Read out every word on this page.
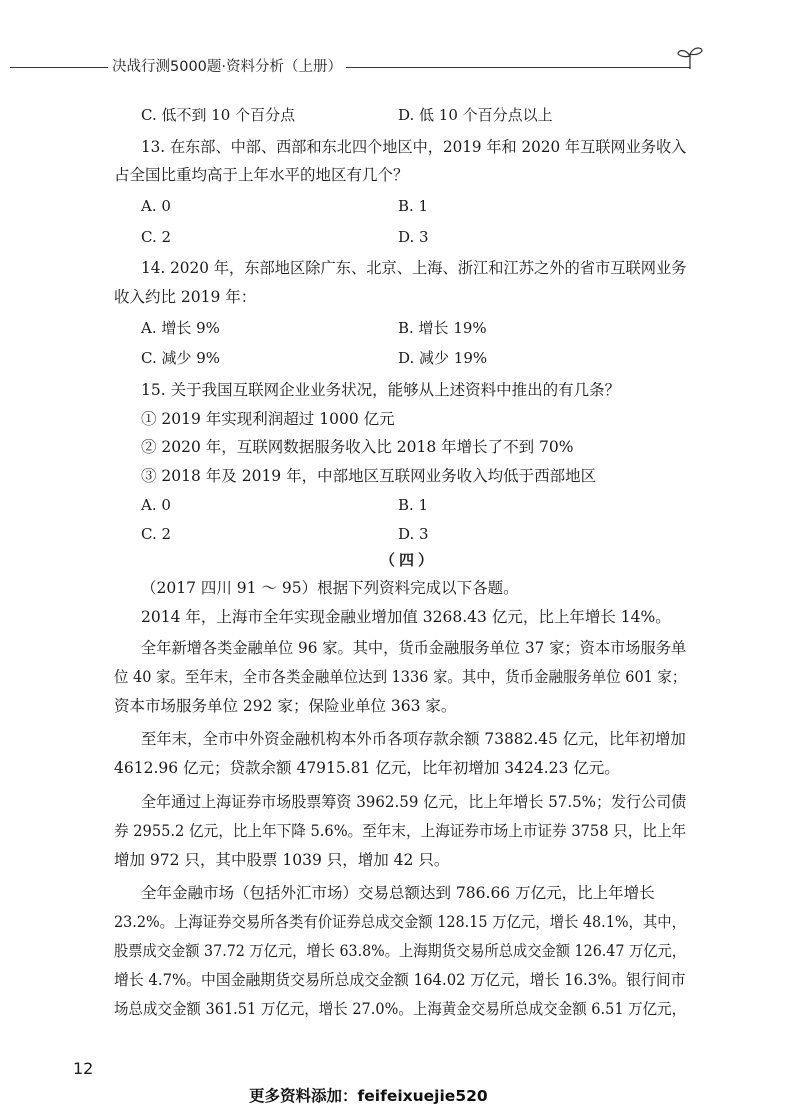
决战行测5000题·资料分析（上册）
C. 低不到 10 个百分点	D. 低 10 个百分点以上
13. 在东部、中部、西部和东北四个地区中，2019 年和 2020 年互联网业务收入
占全国比重均高于上年水平的地区有几个？
A. 0	B. 1
C. 2	D. 3
14. 2020 年，东部地区除广东、北京、上海、浙江和江苏之外的省市互联网业务
收入约比 2019 年：
A. 增长 9%	B. 增长 19%
C. 减少 9%	D. 减少 19%
15. 关于我国互联网企业业务状况，能够从上述资料中推出的有几条？
① 2019 年实现利润超过 1000 亿元
② 2020 年，互联网数据服务收入比 2018 年增长了不到 70%
③ 2018 年及 2019 年，中部地区互联网业务收入均低于西部地区
A. 0	B. 1
C. 2	D. 3
（四）
（2017 四川 91 ～ 95）根据下列资料完成以下各题。
2014 年，上海市全年实现金融业增加值 3268.43 亿元，比上年增长 14%。
全年新增各类金融单位 96 家。其中，货币金融服务单位 37 家；资本市场服务单
位 40 家。至年末，全市各类金融单位达到 1336 家。其中，货币金融服务单位 601 家；
资本市场服务单位 292 家；保险业单位 363 家。
至年末，全市中外资金融机构本外币各项存款余额 73882.45 亿元，比年初增加
4612.96 亿元；贷款余额 47915.81 亿元，比年初增加 3424.23 亿元。
全年通过上海证券市场股票筹资 3962.59 亿元，比上年增长 57.5%；发行公司债
券 2955.2 亿元，比上年下降 5.6%。至年末，上海证券市场上市证券 3758 只，比上年
增加 972 只，其中股票 1039 只，增加 42 只。
全年金融市场（包括外汇市场）交易总额达到 786.66 万亿元，比上年增长
23.2%。上海证券交易所各类有价证券总成交金额 128.15 万亿元，增长 48.1%，其中，
股票成交金额 37.72 万亿元，增长 63.8%。上海期货交易所总成交金额 126.47 万亿元，
增长 4.7%。中国金融期货交易所总成交金额 164.02 万亿元，增长 16.3%。银行间市
场总成交金额 361.51 万亿元，增长 27.0%。上海黄金交易所总成交金额 6.51 万亿元，
12
更多资料添加：feifeixuejie520
